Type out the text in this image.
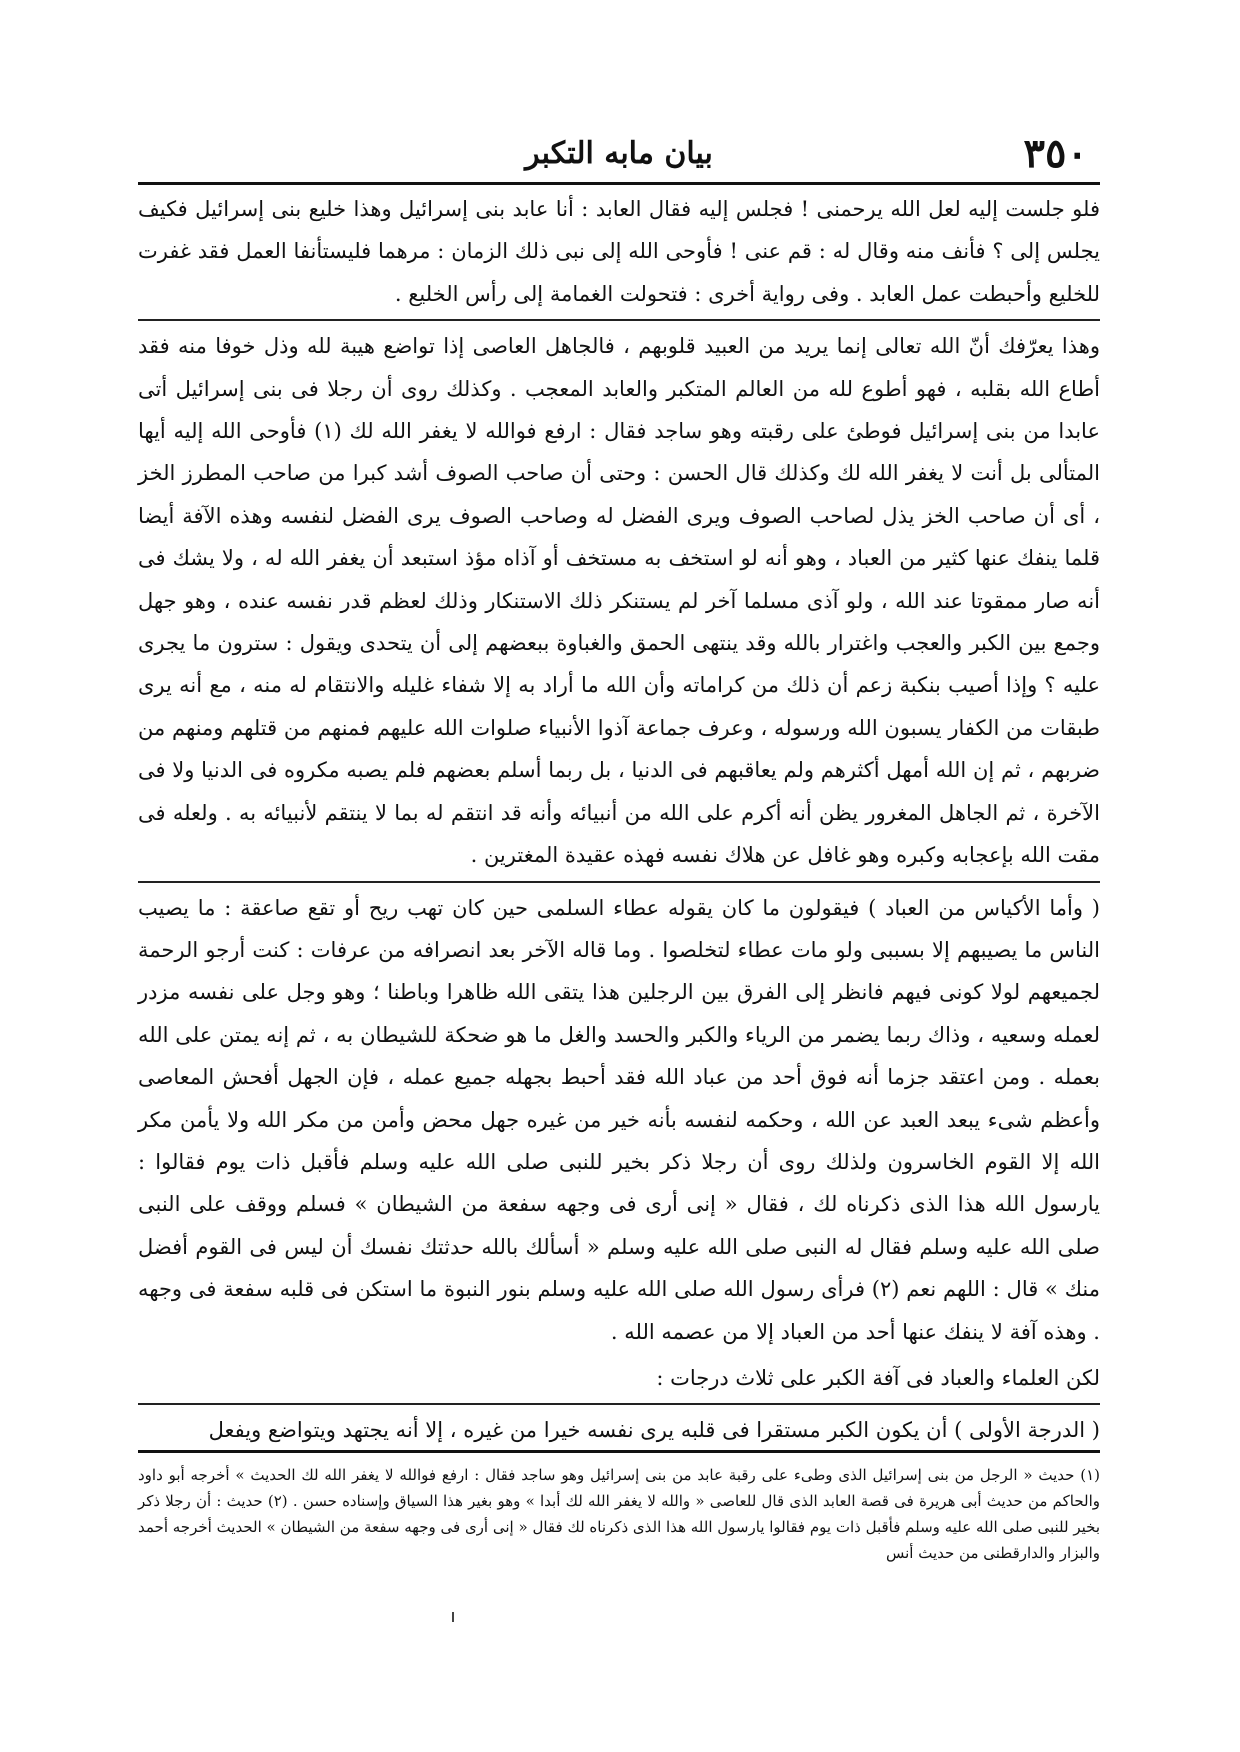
٣٥٠
بيان مابه التكبر

فلو جلست إليه لعل الله يرحمنى ! فجلس إليه فقال العابد : أنا عابد بنى إسرائيل وهذا خليع بنى إسرائيل فكيف يجلس إلى ؟ فأنف منه وقال له : قم عنى ! فأوحى الله إلى نبى ذلك الزمان : مرهما فليستأنفا العمل فقد غفرت للخليع وأحبطت عمل العابد . وفى رواية أخرى : فتحولت الغمامة إلى رأس الخليع .

وهذا يعرّفك أنّ الله تعالى إنما يريد من العبيد قلوبهم ، فالجاهل العاصى إذا تواضع هيبة لله وذل خوفا منه فقد أطاع الله بقلبه ، فهو أطوع لله من العالم المتكبر والعابد المعجب . وكذلك روى أن رجلا فى بنى إسرائيل أتى عابدا من بنى إسرائيل فوطئ على رقبته وهو ساجد فقال : ارفع فوالله لا يغفر الله لك (١) فأوحى الله إليه أيها المتألى بل أنت لا يغفر الله لك وكذلك قال الحسن : وحتى أن صاحب الصوف أشد كبرا من صاحب المطرز الخز ، أى أن صاحب الخز يذل لصاحب الصوف ويرى الفضل له وصاحب الصوف يرى الفضل لنفسه وهذه الآفة أيضا قلما ينفك عنها كثير من العباد ، وهو أنه لو استخف به مستخف أو آذاه مؤذ استبعد أن يغفر الله له ، ولا يشك فى أنه صار ممقوتا عند الله ، ولو آذى مسلما آخر لم يستنكر ذلك الاستنكار وذلك لعظم قدر نفسه عنده ، وهو جهل وجمع بين الكبر والعجب واغترار بالله وقد ينتهى الحمق والغباوة ببعضهم إلى أن يتحدى ويقول : سترون ما يجرى عليه ؟ وإذا أصيب بنكبة زعم أن ذلك من كراماته وأن الله ما أراد به إلا شفاء غليله والانتقام له منه ، مع أنه يرى طبقات من الكفار يسبون الله ورسوله ، وعرف جماعة آذوا الأنبياء صلوات الله عليهم فمنهم من قتلهم ومنهم من ضربهم ، ثم إن الله أمهل أكثرهم ولم يعاقبهم فى الدنيا ، بل ربما أسلم بعضهم فلم يصبه مكروه فى الدنيا ولا فى الآخرة ، ثم الجاهل المغرور يظن أنه أكرم على الله من أنبيائه وأنه قد انتقم له بما لا ينتقم لأنبيائه به . ولعله فى مقت الله بإعجابه وكبره وهو غافل عن هلاك نفسه فهذه عقيدة المغترين .

( وأما الأكياس من العباد ) فيقولون ما كان يقوله عطاء السلمى حين كان تهب ريح أو تقع صاعقة : ما يصيب الناس ما يصيبهم إلا بسببى ولو مات عطاء لتخلصوا . وما قاله الآخر بعد انصرافه من عرفات : كنت أرجو الرحمة لجميعهم لولا كونى فيهم فانظر إلى الفرق بين الرجلين هذا يتقى الله ظاهرا وباطنا ؛ وهو وجل على نفسه مزدر لعمله وسعيه ، وذاك ربما يضمر من الرياء والكبر والحسد والغل ما هو ضحكة للشيطان به ، ثم إنه يمتن على الله بعمله . ومن اعتقد جزما أنه فوق أحد من عباد الله فقد أحبط بجهله جميع عمله ، فإن الجهل أفحش المعاصى وأعظم شىء يبعد العبد عن الله ، وحكمه لنفسه بأنه خير من غيره جهل محض وأمن من مكر الله ولا يأمن مكر الله إلا القوم الخاسرون ولذلك روى أن رجلا ذكر بخير للنبى صلى الله عليه وسلم فأقبل ذات يوم فقالوا : يارسول الله هذا الذى ذكرناه لك ، فقال « إنى أرى فى وجهه سفعة من الشيطان » فسلم ووقف على النبى صلى الله عليه وسلم فقال له النبى صلى الله عليه وسلم « أسألك بالله حدثتك نفسك أن ليس فى القوم أفضل منك » قال : اللهم نعم (٢) فرأى رسول الله صلى الله عليه وسلم بنور النبوة ما استكن فى قلبه سفعة فى وجهه . وهذه آفة لا ينفك عنها أحد من العباد إلا من عصمه الله .

لكن العلماء والعباد فى آفة الكبر على ثلاث درجات :

( الدرجة الأولى ) أن يكون الكبر مستقرا فى قلبه يرى نفسه خيرا من غيره ، إلا أنه يجتهد ويتواضع ويفعل

(١) حديث « الرجل من بنى إسرائيل الذى وطىء على رقبة عابد من بنى إسرائيل وهو ساجد فقال : ارفع فوالله لا يغفر الله لك الحديث » أخرجه أبو داود والحاكم من حديث أبى هريرة فى قصة العابد الذى قال للعاصى « والله لا يغفر الله لك أبدا » وهو بغير هذا السياق وإسناده حسن . (٢) حديث : أن رجلا ذكر بخير للنبى صلى الله عليه وسلم فأقبل ذات يوم فقالوا يارسول الله هذا الذى ذكرناه لك فقال « إنى أرى فى وجهه سفعة من الشيطان » الحديث أخرجه أحمد والبزار والدارقطنى من حديث أنس
